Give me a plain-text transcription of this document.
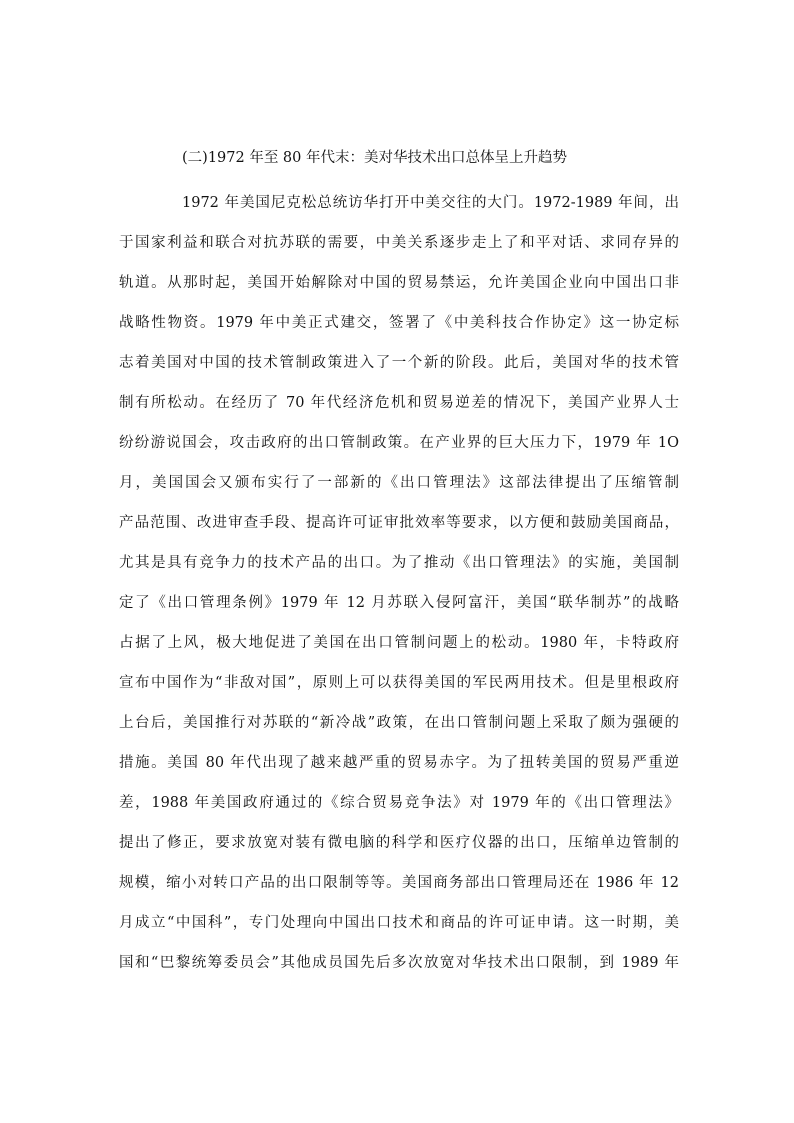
(二)1972 年至 80 年代末：美对华技术出口总体呈上升趋势
1972 年美国尼克松总统访华打开中美交往的大门。1972-1989 年间，出
于国家利益和联合对抗苏联的需要，中美关系逐步走上了和平对话、求同存异的
轨道。从那时起，美国开始解除对中国的贸易禁运，允许美国企业向中国出口非
战略性物资。1979 年中美正式建交，签署了《中美科技合作协定》这一协定标
志着美国对中国的技术管制政策进入了一个新的阶段。此后，美国对华的技术管
制有所松动。在经历了 70 年代经济危机和贸易逆差的情况下，美国产业界人士
纷纷游说国会，攻击政府的出口管制政策。在产业界的巨大压力下，1979 年 1O
月，美国国会又颁布实行了一部新的《出口管理法》这部法律提出了压缩管制
产品范围、改进审查手段、提高许可证审批效率等要求，以方便和鼓励美国商品，
尤其是具有竞争力的技术产品的出口。为了推动《出口管理法》的实施，美国制
定了《出口管理条例》1979 年 12 月苏联入侵阿富汗，美国“联华制苏”的战略
占据了上风，极大地促进了美国在出口管制问题上的松动。1980 年，卡特政府
宣布中国作为“非敌对国”，原则上可以获得美国的军民两用技术。但是里根政府
上台后，美国推行对苏联的“新冷战”政策，在出口管制问题上采取了颇为强硬的
措施。美国 80 年代出现了越来越严重的贸易赤字。为了扭转美国的贸易严重逆
差，1988 年美国政府通过的《综合贸易竞争法》对 1979 年的《出口管理法》
提出了修正，要求放宽对装有微电脑的科学和医疗仪器的出口，压缩单边管制的
规模，缩小对转口产品的出口限制等等。美国商务部出口管理局还在 1986 年 12
月成立“中国科”，专门处理向中国出口技术和商品的许可证申请。这一时期，美
国和“巴黎统筹委员会”其他成员国先后多次放宽对华技术出口限制，到 1989 年
